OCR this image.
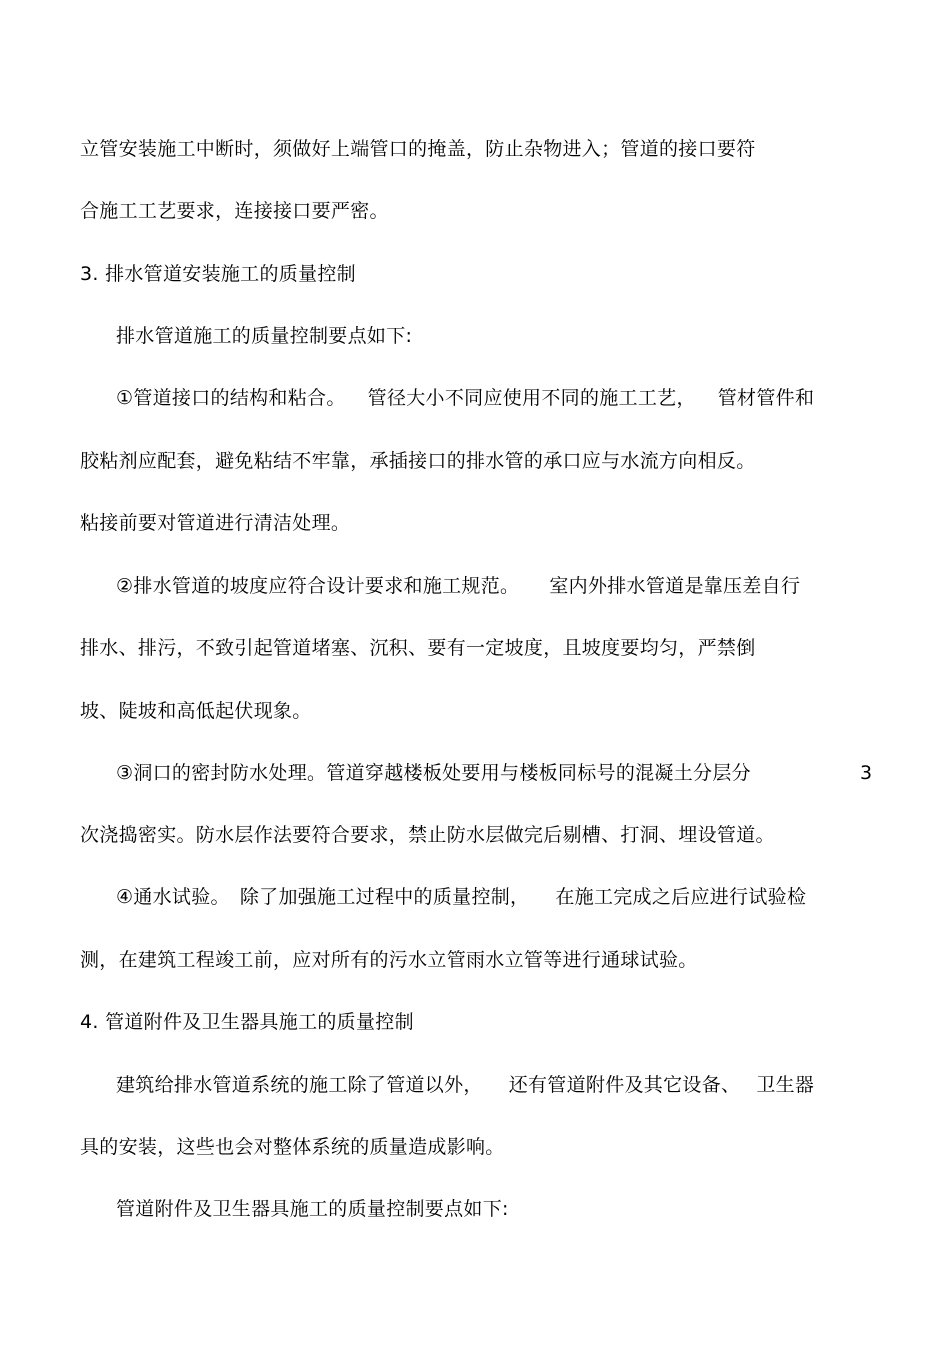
立管安装施工中断时，须做好上端管口的掩盖，防止杂物进入；管道的接口要符
合施工工艺要求，连接接口要严密。
3. 排水管道安装施工的质量控制
排水管道施工的质量控制要点如下:
①管道接口的结构和粘合。 管径大小不同应使用不同的施工工艺， 管材管件和
胶粘剂应配套，避免粘结不牢靠，承插接口的排水管的承口应与水流方向相反。
粘接前要对管道进行清洁处理。
②排水管道的坡度应符合设计要求和施工规范。 室内外排水管道是靠压差自行
排水、排污，不致引起管道堵塞、沉积、要有一定坡度，且坡度要均匀，严禁倒
坡、陡坡和高低起伏现象。
③洞口的密封防水处理。管道穿越楼板处要用与楼板同标号的混凝土分层分	3
次浇捣密实。防水层作法要符合要求，禁止防水层做完后剔槽、打洞、埋设管道。
④通水试验。 除了加强施工过程中的质量控制， 在施工完成之后应进行试验检
测，在建筑工程竣工前，应对所有的污水立管雨水立管等进行通球试验。
4. 管道附件及卫生器具施工的质量控制
建筑给排水管道系统的施工除了管道以外， 还有管道附件及其它设备、 卫生器
具的安装，这些也会对整体系统的质量造成影响。
管道附件及卫生器具施工的质量控制要点如下:
